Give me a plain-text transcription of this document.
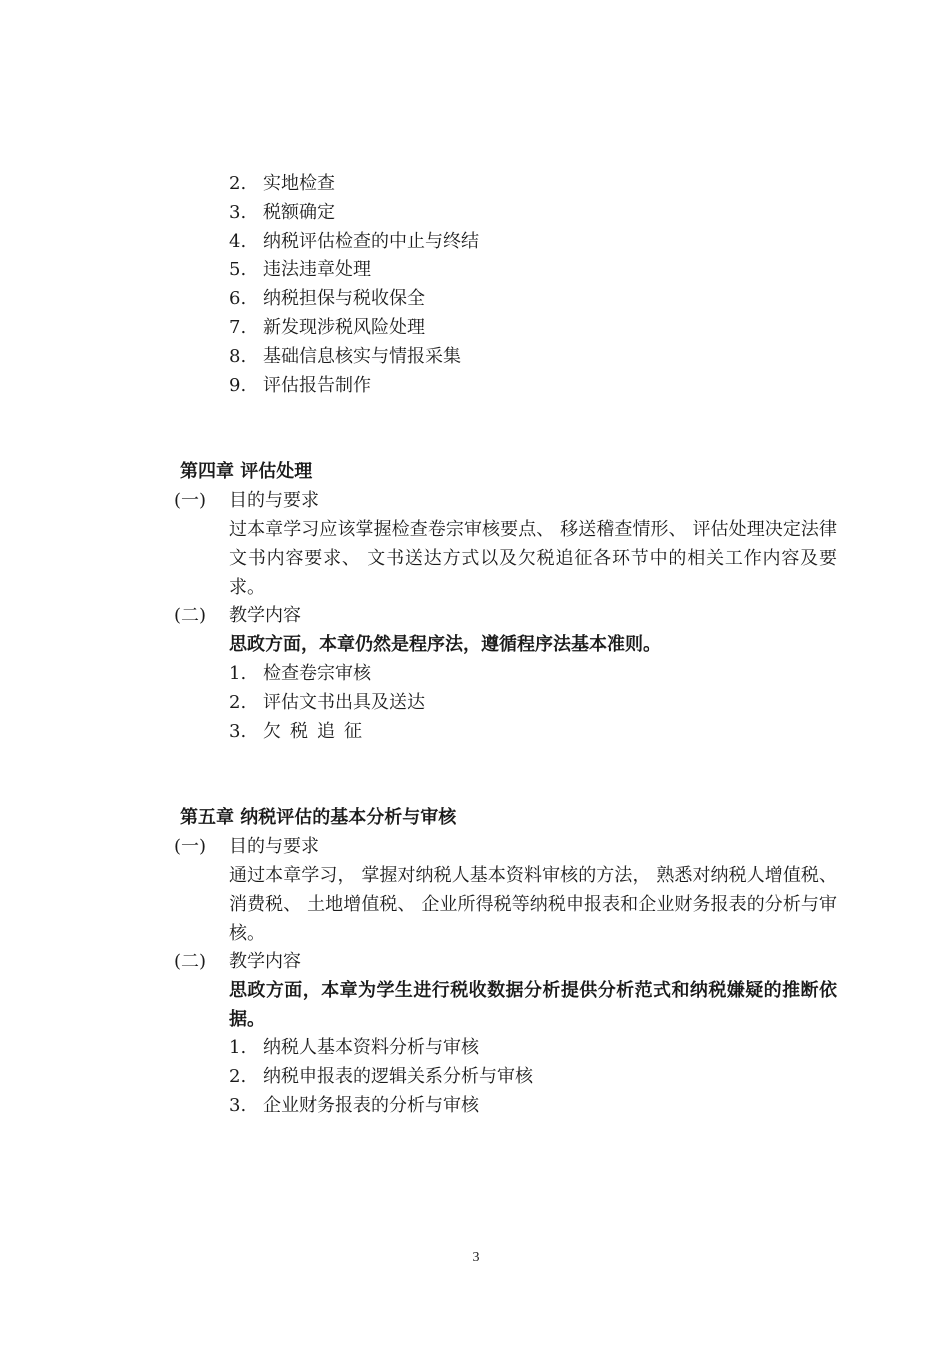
2. 实地检查
3. 税额确定
4. 纳税评估检查的中止与终结
5. 违法违章处理
6. 纳税担保与税收保全
7. 新发现涉税风险处理
8. 基础信息核实与情报采集
9. 评估报告制作
第四章 评估处理
(一) 目的与要求
过本章学习应该掌握检查卷宗审核要点、 移送稽查情形、 评估处理决定法律文书内容要求、 文书送达方式以及欠税追征各环节中的相关工作内容及要求。
(二) 教学内容
思政方面，本章仍然是程序法，遵循程序法基本准则。
1. 检查卷宗审核
2. 评估文书出具及送达
3. 欠税追征
第五章 纳税评估的基本分析与审核
(一) 目的与要求
通过本章学习， 掌握对纳税人基本资料审核的方法， 熟悉对纳税人增值税、 消费税、 土地增值税、 企业所得税等纳税申报表和企业财务报表的分析与审核。
(二) 教学内容
思政方面，本章为学生进行税收数据分析提供分析范式和纳税嫌疑的推断依据。
1. 纳税人基本资料分析与审核
2. 纳税申报表的逻辑关系分析与审核
3. 企业财务报表的分析与审核
3
